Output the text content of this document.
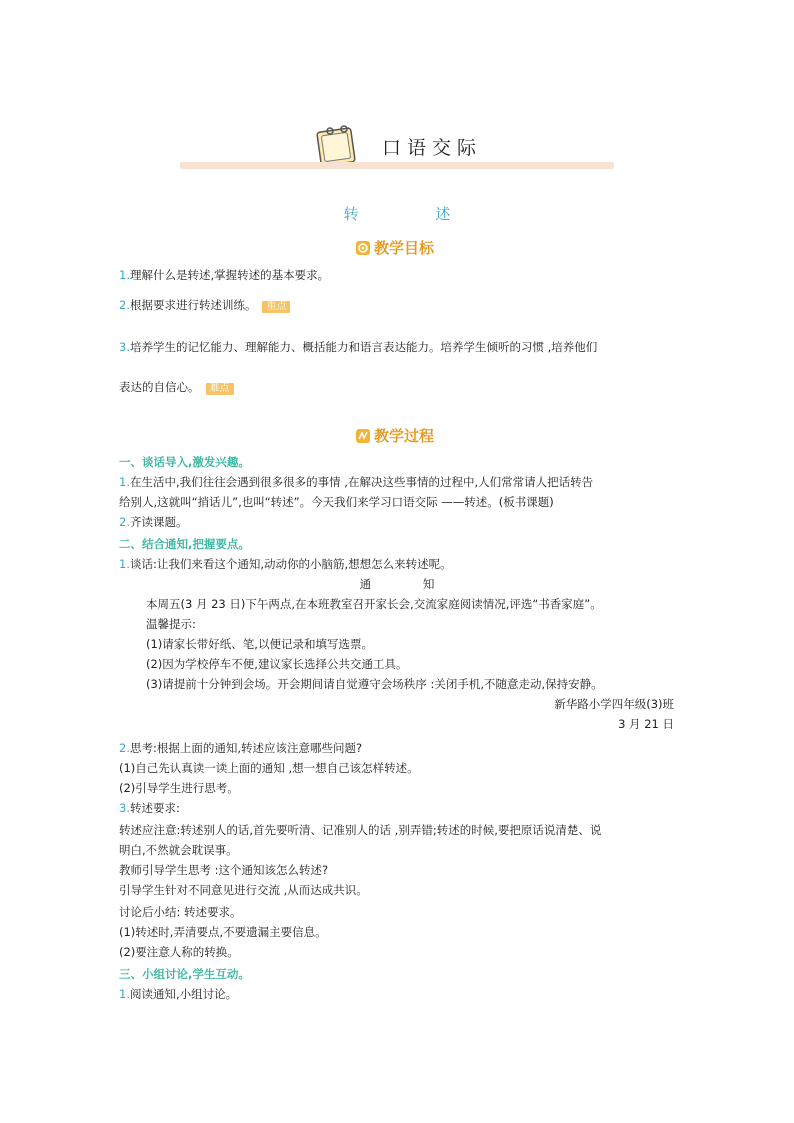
口语交际
转 述
教学目标
1.理解什么是转述,掌握转述的基本要求。
2.根据要求进行转述训练。 重点
3.培养学生的记忆能力、理解能力、概括能力和语言表达能力。培养学生倾听的习惯 ,培养他们
表达的自信心。 难点
教学过程
一、谈话导入,激发兴趣。
1.在生活中,我们往往会遇到很多很多的事情 ,在解决这些事情的过程中,人们常常请人把话转告
给别人,这就叫“捎话儿”,也叫“转述”。今天我们来学习口语交际 ——转述。(板书课题)
2.齐读课题。
二、结合通知,把握要点。
1.谈话:让我们来看这个通知,动动你的小脑筋,想想怎么来转述呢。
通 知
本周五(3 月 23 日)下午两点,在本班教室召开家长会,交流家庭阅读情况,评选“书香家庭”。
温馨提示:
(1)请家长带好纸、笔,以便记录和填写选票。
(2)因为学校停车不便,建议家长选择公共交通工具。
(3)请提前十分钟到会场。开会期间请自觉遵守会场秩序 :关闭手机,不随意走动,保持安静。
新华路小学四年级(3)班
3 月 21 日
2.思考:根据上面的通知,转述应该注意哪些问题?
(1)自己先认真读一读上面的通知 ,想一想自己该怎样转述。
(2)引导学生进行思考。
3.转述要求:
转述应注意:转述别人的话,首先要听清、记准别人的话 ,别弄错;转述的时候,要把原话说清楚、说
明白,不然就会耽误事。
教师引导学生思考 :这个通知该怎么转述?
引导学生针对不同意见进行交流 ,从而达成共识。
讨论后小结: 转述要求。
(1)转述时,弄清要点,不要遗漏主要信息。
(2)要注意人称的转换。
三、小组讨论,学生互动。
1.阅读通知,小组讨论。
